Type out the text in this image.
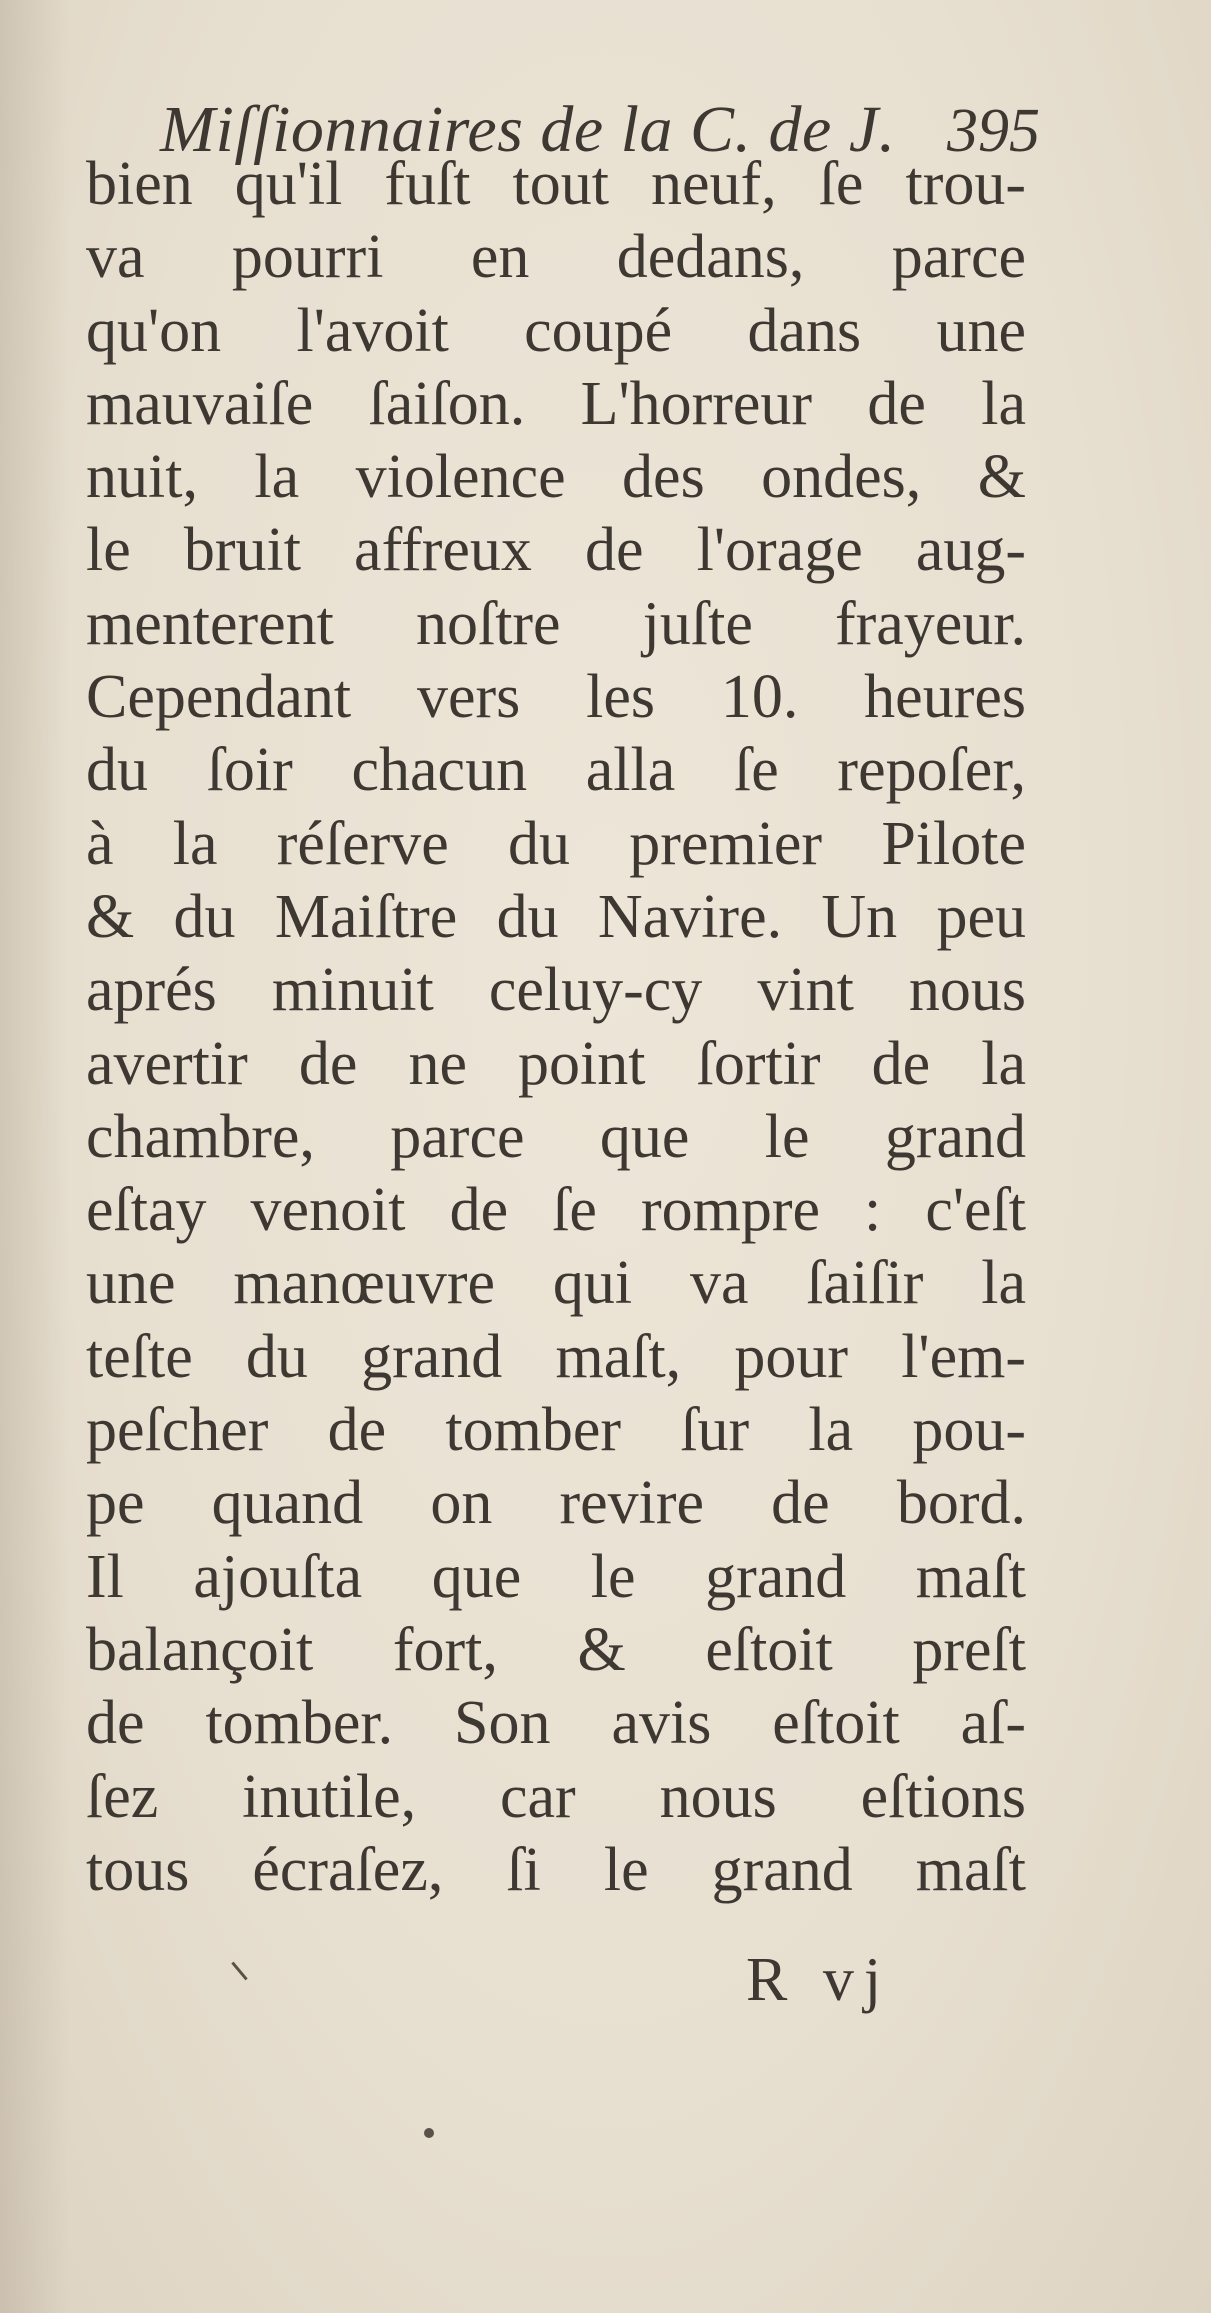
Miſſionnaires de la C. de J. 395
bien qu'il fuſt tout neuf, ſe trou-
va pourri en dedans, parce
qu'on l'avoit coupé dans une
mauvaiſe ſaiſon. L'horreur de la
nuit, la violence des ondes, &
le bruit affreux de l'orage aug-
menterent noſtre juſte frayeur.
Cependant vers les 10. heures
du ſoir chacun alla ſe repoſer,
à la réſerve du premier Pilote
& du Maiſtre du Navire. Un peu
aprés minuit celuy-cy vint nous
avertir de ne point ſortir de la
chambre, parce que le grand
eſtay venoit de ſe rompre : c'eſt
une manœuvre qui va ſaiſir la
teſte du grand maſt, pour l'em-
peſcher de tomber ſur la pou-
pe quand on revire de bord.
Il ajouſta que le grand maſt
balançoit fort, & eſtoit preſt
de tomber. Son avis eſtoit aſ-
ſez inutile, car nous eſtions
tous écraſez, ſi le grand maſt
R vj
